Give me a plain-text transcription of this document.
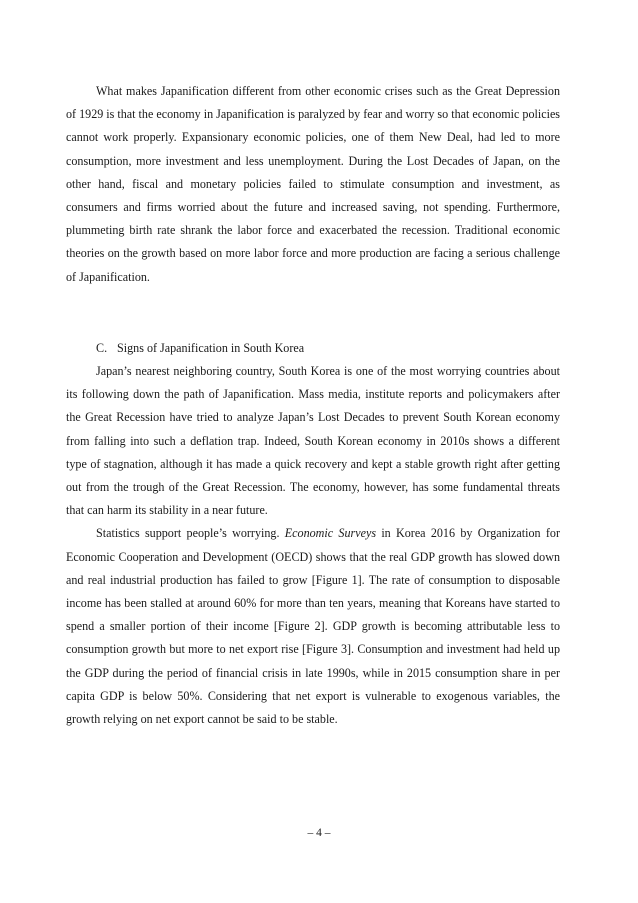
What makes Japanification different from other economic crises such as the Great Depression of 1929 is that the economy in Japanification is paralyzed by fear and worry so that economic policies cannot work properly. Expansionary economic policies, one of them New Deal, had led to more consumption, more investment and less unemployment. During the Lost Decades of Japan, on the other hand, fiscal and monetary policies failed to stimulate consumption and investment, as consumers and firms worried about the future and increased saving, not spending. Furthermore, plummeting birth rate shrank the labor force and exacerbated the recession. Traditional economic theories on the growth based on more labor force and more production are facing a serious challenge of Japanification.

C. Signs of Japanification in South Korea

Japan’s nearest neighboring country, South Korea is one of the most worrying countries about its following down the path of Japanification. Mass media, institute reports and policymakers after the Great Recession have tried to analyze Japan’s Lost Decades to prevent South Korean economy from falling into such a deflation trap. Indeed, South Korean economy in 2010s shows a different type of stagnation, although it has made a quick recovery and kept a stable growth right after getting out from the trough of the Great Recession. The economy, however, has some fundamental threats that can harm its stability in a near future.

Statistics support people’s worrying. Economic Surveys in Korea 2016 by Organization for Economic Cooperation and Development (OECD) shows that the real GDP growth has slowed down and real industrial production has failed to grow [Figure 1]. The rate of consumption to disposable income has been stalled at around 60% for more than ten years, meaning that Koreans have started to spend a smaller portion of their income [Figure 2]. GDP growth is becoming attributable less to consumption growth but more to net export rise [Figure 3]. Consumption and investment had held up the GDP during the period of financial crisis in late 1990s, while in 2015 consumption share in per capita GDP is below 50%. Considering that net export is vulnerable to exogenous variables, the growth relying on net export cannot be said to be stable.

– 4 –
